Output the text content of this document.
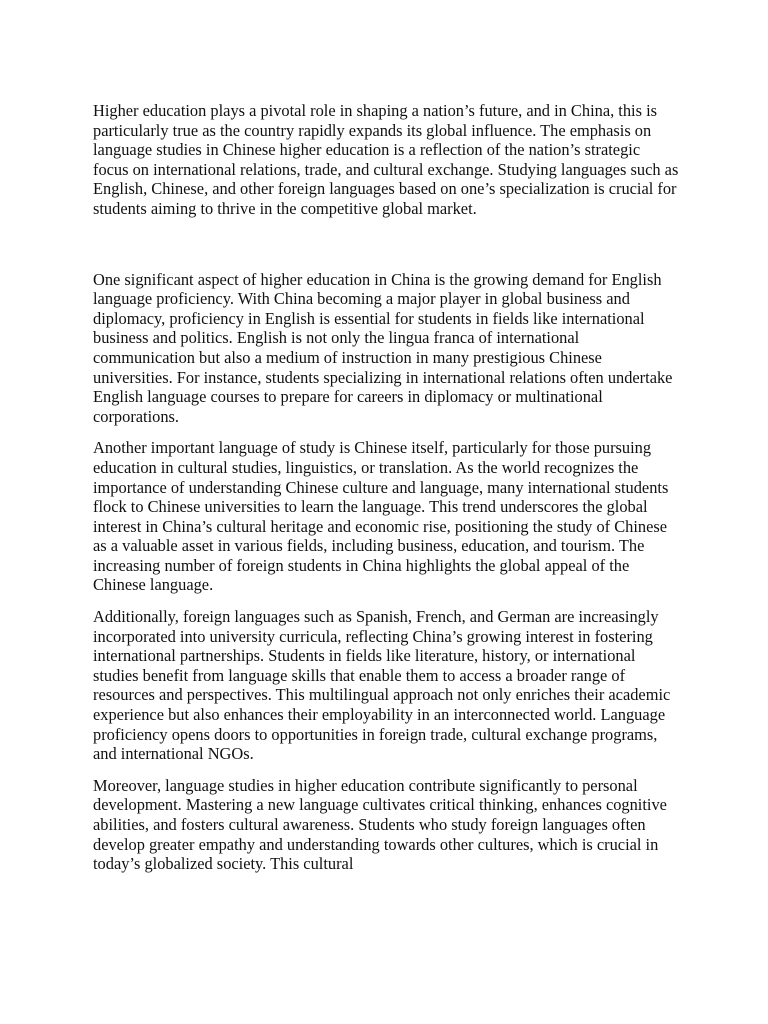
Higher education plays a pivotal role in shaping a nation’s future, and in China, this is particularly true as the country rapidly expands its global influence. The emphasis on language studies in Chinese higher education is a reflection of the nation’s strategic focus on international relations, trade, and cultural exchange. Studying languages such as English, Chinese, and other foreign languages based on one’s specialization is crucial for students aiming to thrive in the competitive global market.

One significant aspect of higher education in China is the growing demand for English language proficiency. With China becoming a major player in global business and diplomacy, proficiency in English is essential for students in fields like international business and politics. English is not only the lingua franca of international communication but also a medium of instruction in many prestigious Chinese universities. For instance, students specializing in international relations often undertake English language courses to prepare for careers in diplomacy or multinational corporations.

Another important language of study is Chinese itself, particularly for those pursuing education in cultural studies, linguistics, or translation. As the world recognizes the importance of understanding Chinese culture and language, many international students flock to Chinese universities to learn the language. This trend underscores the global interest in China’s cultural heritage and economic rise, positioning the study of Chinese as a valuable asset in various fields, including business, education, and tourism. The increasing number of foreign students in China highlights the global appeal of the Chinese language.

Additionally, foreign languages such as Spanish, French, and German are increasingly incorporated into university curricula, reflecting China’s growing interest in fostering international partnerships. Students in fields like literature, history, or international studies benefit from language skills that enable them to access a broader range of resources and perspectives. This multilingual approach not only enriches their academic experience but also enhances their employability in an interconnected world. Language proficiency opens doors to opportunities in foreign trade, cultural exchange programs, and international NGOs.

Moreover, language studies in higher education contribute significantly to personal development. Mastering a new language cultivates critical thinking, enhances cognitive abilities, and fosters cultural awareness. Students who study foreign languages often develop greater empathy and understanding towards other cultures, which is crucial in today’s globalized society. This cultural
